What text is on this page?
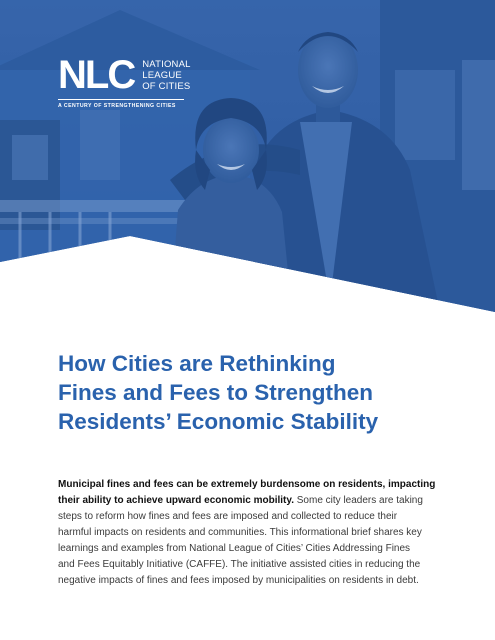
NLC NATIONAL
LEAGUE
OF CITIES
A CENTURY OF STRENGTHENING CITIES
How Cities are Rethinking
Fines and Fees to Strengthen
Residents’ Economic Stability

Municipal fines and fees can be extremely burdensome on residents, impacting
their ability to achieve upward economic mobility. Some city leaders are taking
steps to reform how fines and fees are imposed and collected to reduce their
harmful impacts on residents and communities. This informational brief shares key
learnings and examples from National League of Cities’ Cities Addressing Fines
and Fees Equitably Initiative (CAFFE). The initiative assisted cities in reducing the
negative impacts of fines and fees imposed by municipalities on residents in debt.
